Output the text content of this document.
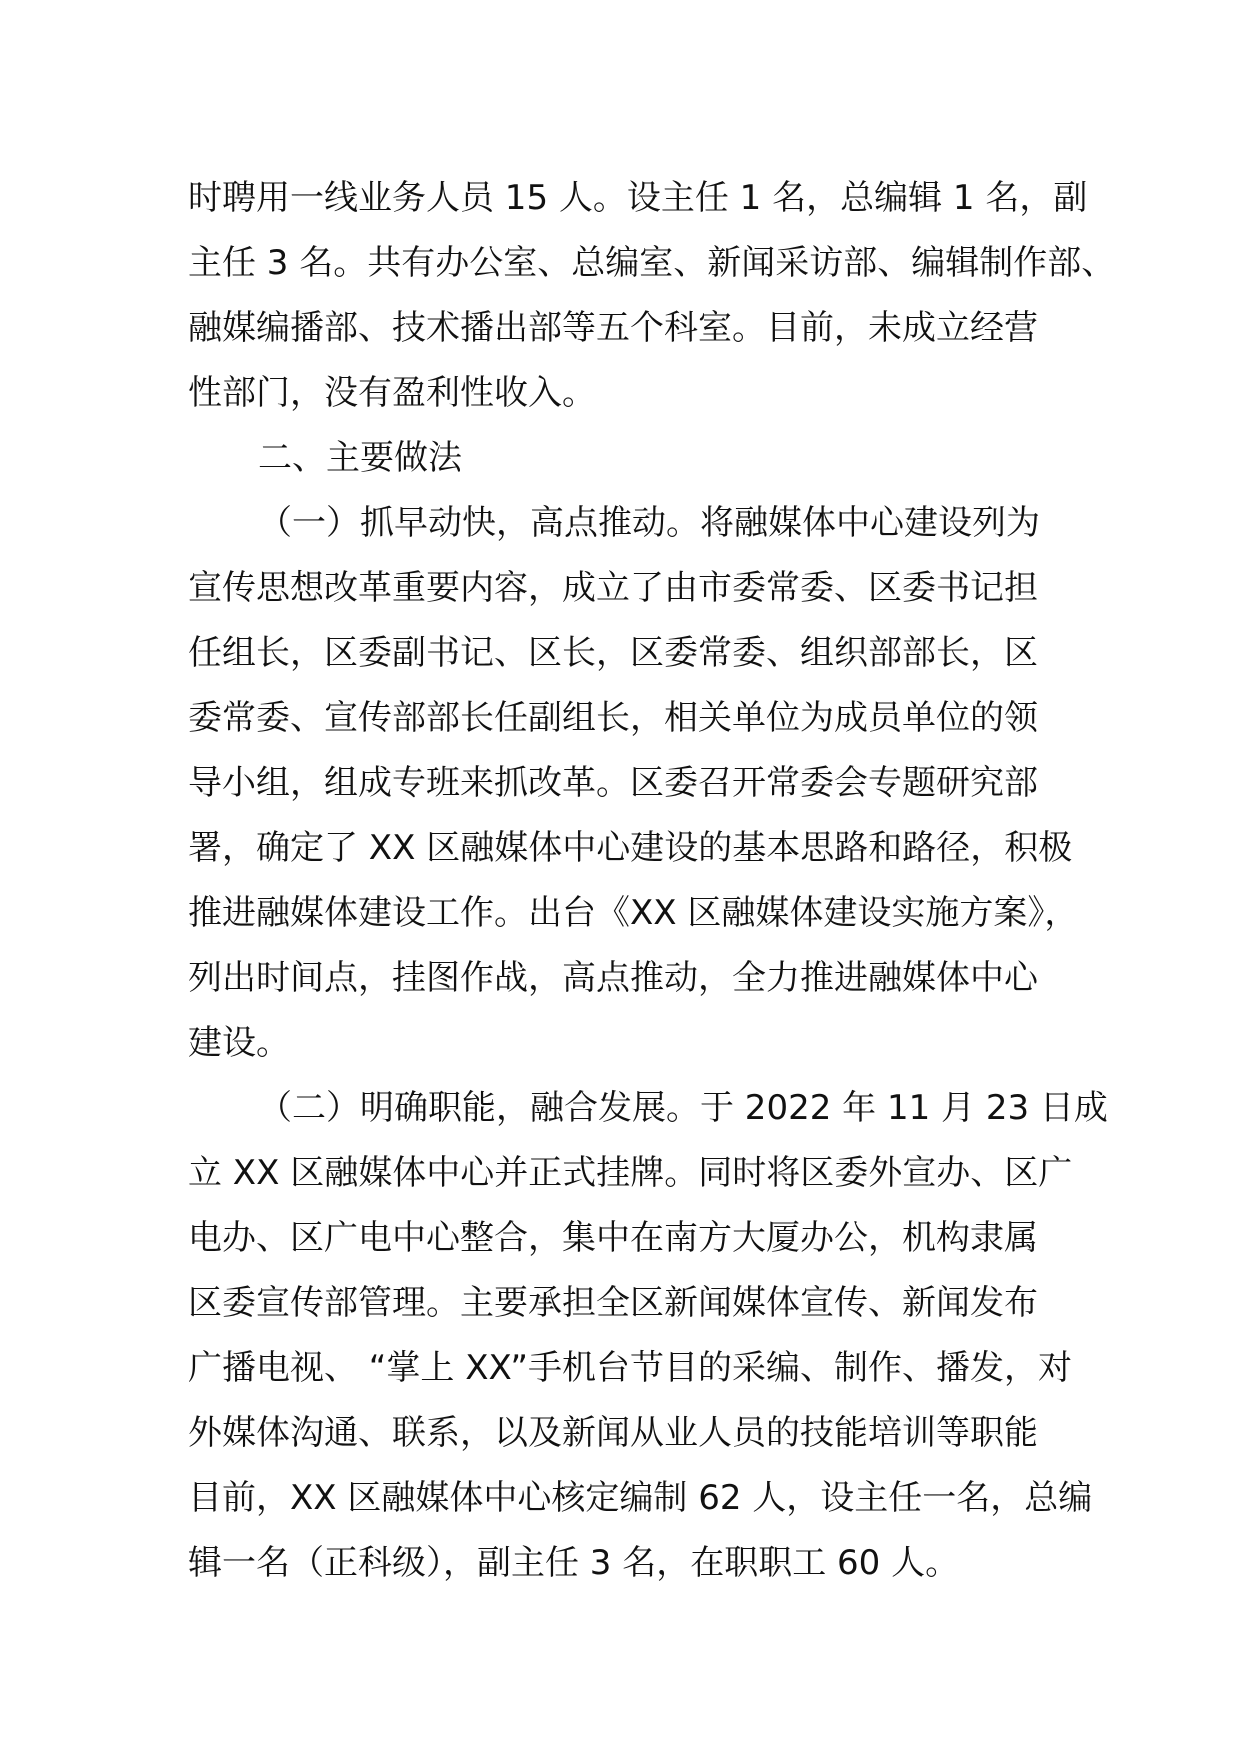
时聘用一线业务人员 15 人。设主任 1 名，总编辑 1 名，副
主任 3 名。共有办公室、总编室、新闻采访部、编辑制作部、
融媒编播部、技术播出部等五个科室。目前，未成立经营
性部门，没有盈利性收入。
二、主要做法
（一）抓早动快，高点推动。将融媒体中心建设列为
宣传思想改革重要内容，成立了由市委常委、区委书记担
任组长，区委副书记、区长，区委常委、组织部部长，区
委常委、宣传部部长任副组长，相关单位为成员单位的领
导小组，组成专班来抓改革。区委召开常委会专题研究部
署，确定了 XX 区融媒体中心建设的基本思路和路径，积极
推进融媒体建设工作。出台《XX 区融媒体建设实施方案》，
列出时间点，挂图作战，高点推动，全力推进融媒体中心
建设。
（二）明确职能，融合发展。于 2022 年 11 月 23 日成
立 XX 区融媒体中心并正式挂牌。同时将区委外宣办、区广
电办、区广电中心整合，集中在南方大厦办公，机构隶属
区委宣传部管理。主要承担全区新闻媒体宣传、新闻发布
广播电视、 “掌上 XX”手机台节目的采编、制作、播发，对
外媒体沟通、联系，以及新闻从业人员的技能培训等职能
目前，XX 区融媒体中心核定编制 62 人，设主任一名，总编
辑一名（正科级），副主任 3 名，在职职工 60 人。
